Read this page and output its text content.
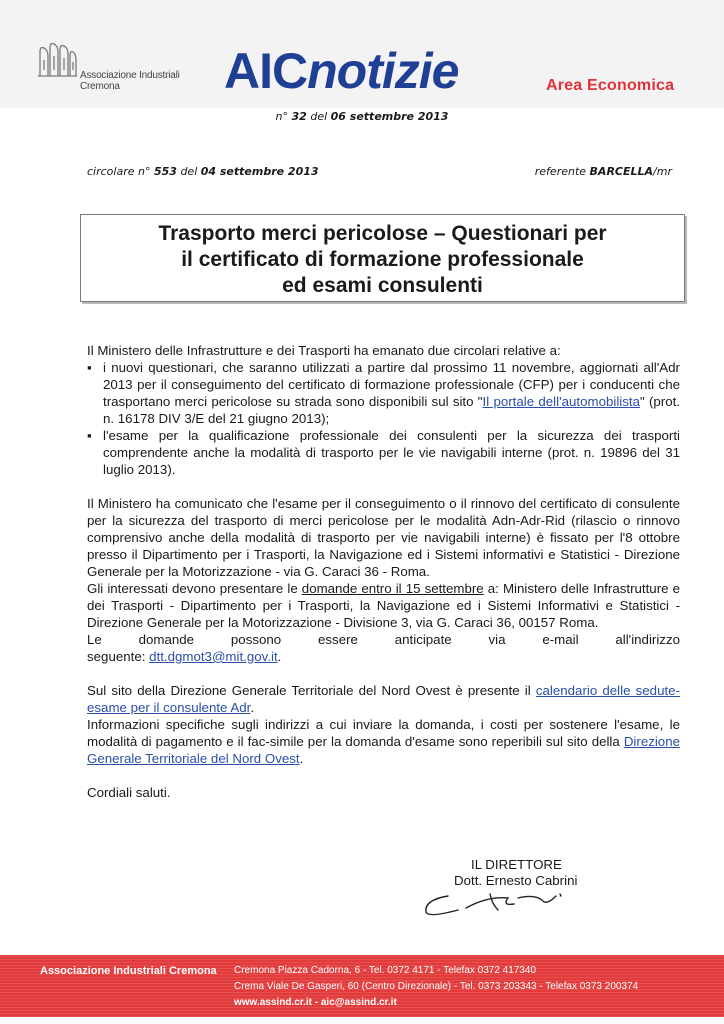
Associazione Industriali
Cremona	AICnotizie	Area Economica
n° 32 del 06 settembre 2013
circolare n° 553 del 04 settembre 2013	referente BARCELLA/mr
Trasporto merci pericolose – Questionari per
il certificato di formazione professionale
ed esami consulenti

Il Ministero delle Infrastrutture e dei Trasporti ha emanato due circolari relative a:

▪ i nuovi questionari, che saranno utilizzati a partire dal prossimo 11 novembre, aggiornati all'Adr 2013 per il conseguimento del certificato di formazione professionale (CFP) per i conducenti che trasportano merci pericolose su strada sono disponibili sul sito "Il portale dell'automobilista" (prot. n. 16178 DIV 3/E del 21 giugno 2013);

▪ l'esame per la qualificazione professionale dei consulenti per la sicurezza dei trasporti comprendente anche la modalità di trasporto per le vie navigabili interne (prot. n. 19896 del 31 luglio 2013).

Il Ministero ha comunicato che l'esame per il conseguimento o il rinnovo del certificato di consulente per la sicurezza del trasporto di merci pericolose per le modalità Adn-Adr-Rid (rilascio o rinnovo comprensivo anche della modalità di trasporto per vie navigabili interne) è fissato per l'8 ottobre presso il Dipartimento per i Trasporti, la Navigazione ed i Sistemi informativi e Statistici - Direzione Generale per la Motorizzazione - via G. Caraci 36 - Roma.

Gli interessati devono presentare le domande entro il 15 settembre a: Ministero delle Infrastrutture e dei Trasporti - Dipartimento per i Trasporti, la Navigazione ed i Sistemi Informativi e Statistici - Direzione Generale per la Motorizzazione - Divisione 3, via G. Caraci 36, 00157 Roma.

Le domande possono essere anticipate via e-mail all'indirizzo

seguente: dtt.dgmot3@mit.gov.it.

Sul sito della Direzione Generale Territoriale del Nord Ovest è presente il calendario delle sedute-esame per il consulente Adr.

Informazioni specifiche sugli indirizzi a cui inviare la domanda, i costi per sostenere l'esame, le modalità di pagamento e il fac-simile per la domanda d'esame sono reperibili sul sito della Direzione Generale Territoriale del Nord Ovest.

Cordiali saluti.

IL DIRETTORE
Dott. Ernesto Cabrini
Associazione Industriali Cremona Cremona Piazza Cadorna, 6 - Tel. 0372 4171 - Telefax 0372 417340
Crema Viale De Gasperi, 60 (Centro Direzionale) - Tel. 0373 203343 - Telefax 0373 200374
www.assind.cr.it - aic@assind.cr.it
